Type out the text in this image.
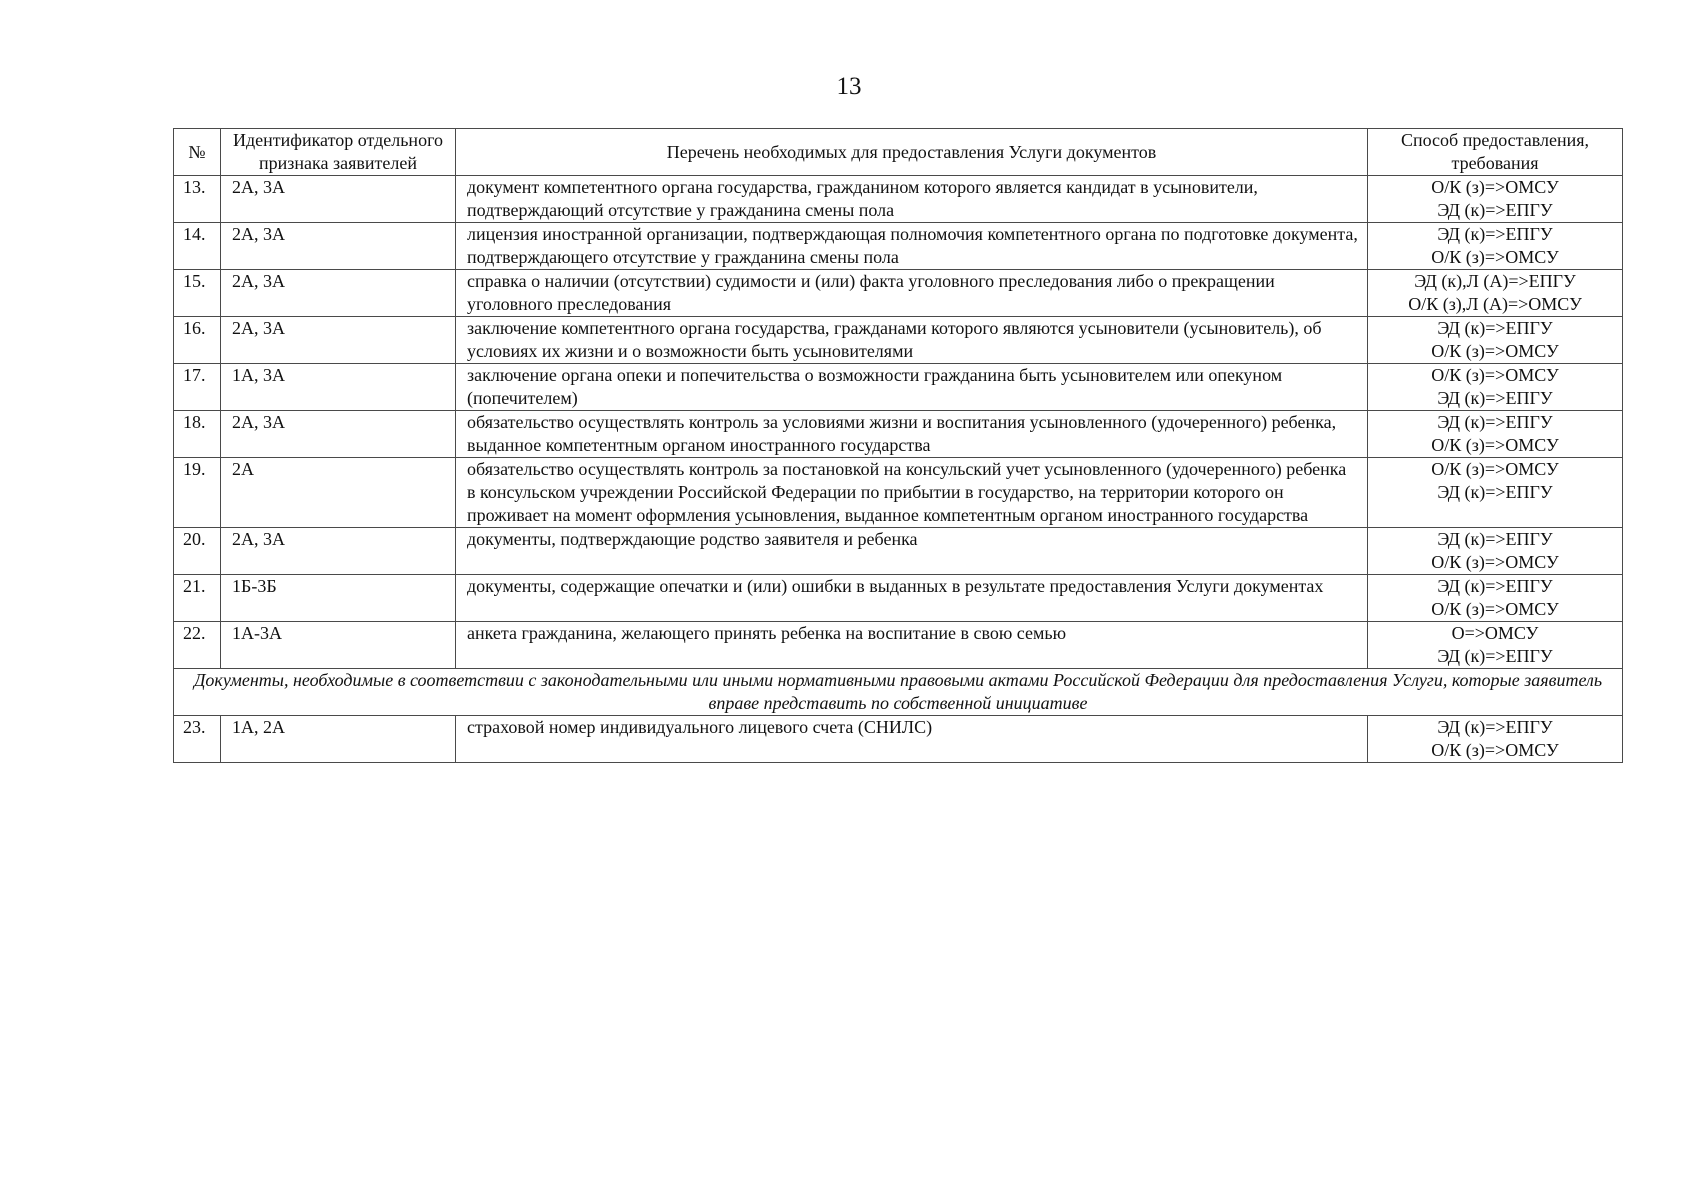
13
№	Идентификатор отдельного признака заявителей	Перечень необходимых для предоставления Услуги документов	Способ предоставления, требования
13.	2А, 3А	документ компетентного органа государства, гражданином которого является кандидат в усыновители, подтверждающий отсутствие у гражданина смены пола	О/К (з)=>ОМСУ
ЭД (к)=>ЕПГУ

14.	2А, 3А	лицензия иностранной организации, подтверждающая полномочия компетентного органа по подготовке документа, подтверждающего отсутствие у гражданина смены пола	ЭД (к)=>ЕПГУ
О/К (з)=>ОМСУ

15.	2А, 3А	справка о наличии (отсутствии) судимости и (или) факта уголовного преследования либо о прекращении уголовного преследования	ЭД (к),Л (А)=>ЕПГУ
О/К (з),Л (А)=>ОМСУ

16.	2А, 3А	заключение компетентного органа государства, гражданами которого являются усыновители (усыновитель), об условиях их жизни и о возможности быть усыновителями	ЭД (к)=>ЕПГУ
О/К (з)=>ОМСУ

17.	1А, 3А	заключение органа опеки и попечительства о возможности гражданина быть усыновителем или опекуном (попечителем)	О/К (з)=>ОМСУ
ЭД (к)=>ЕПГУ

18.	2А, 3А	обязательство осуществлять контроль за условиями жизни и воспитания усыновленного (удочеренного) ребенка, выданное компетентным органом иностранного государства	ЭД (к)=>ЕПГУ
О/К (з)=>ОМСУ

19.	2А	обязательство осуществлять контроль за постановкой на консульский учет усыновленного (удочеренного) ребенка в консульском учреждении Российской Федерации по прибытии в государство, на территории которого он проживает на момент оформления усыновления, выданное компетентным органом иностранного государства	О/К (з)=>ОМСУ
ЭД (к)=>ЕПГУ

20.	2А, 3А	документы, подтверждающие родство заявителя и ребенка	ЭД (к)=>ЕПГУ
О/К (з)=>ОМСУ

21.	1Б-3Б	документы, содержащие опечатки и (или) ошибки в выданных в результате предоставления Услуги документах	ЭД (к)=>ЕПГУ
О/К (з)=>ОМСУ

22.	1А-3А	анкета гражданина, желающего принять ребенка на воспитание в свою семью	О=>ОМСУ
ЭД (к)=>ЕПГУ

Документы, необходимые в соответствии с законодательными или иными нормативными правовыми актами Российской Федерации для предоставления Услуги, которые заявитель вправе представить по собственной инициативе			
23.	1А, 2А	страховой номер индивидуального лицевого счета (СНИЛС)	ЭД (к)=>ЕПГУ
О/К (з)=>ОМСУ
